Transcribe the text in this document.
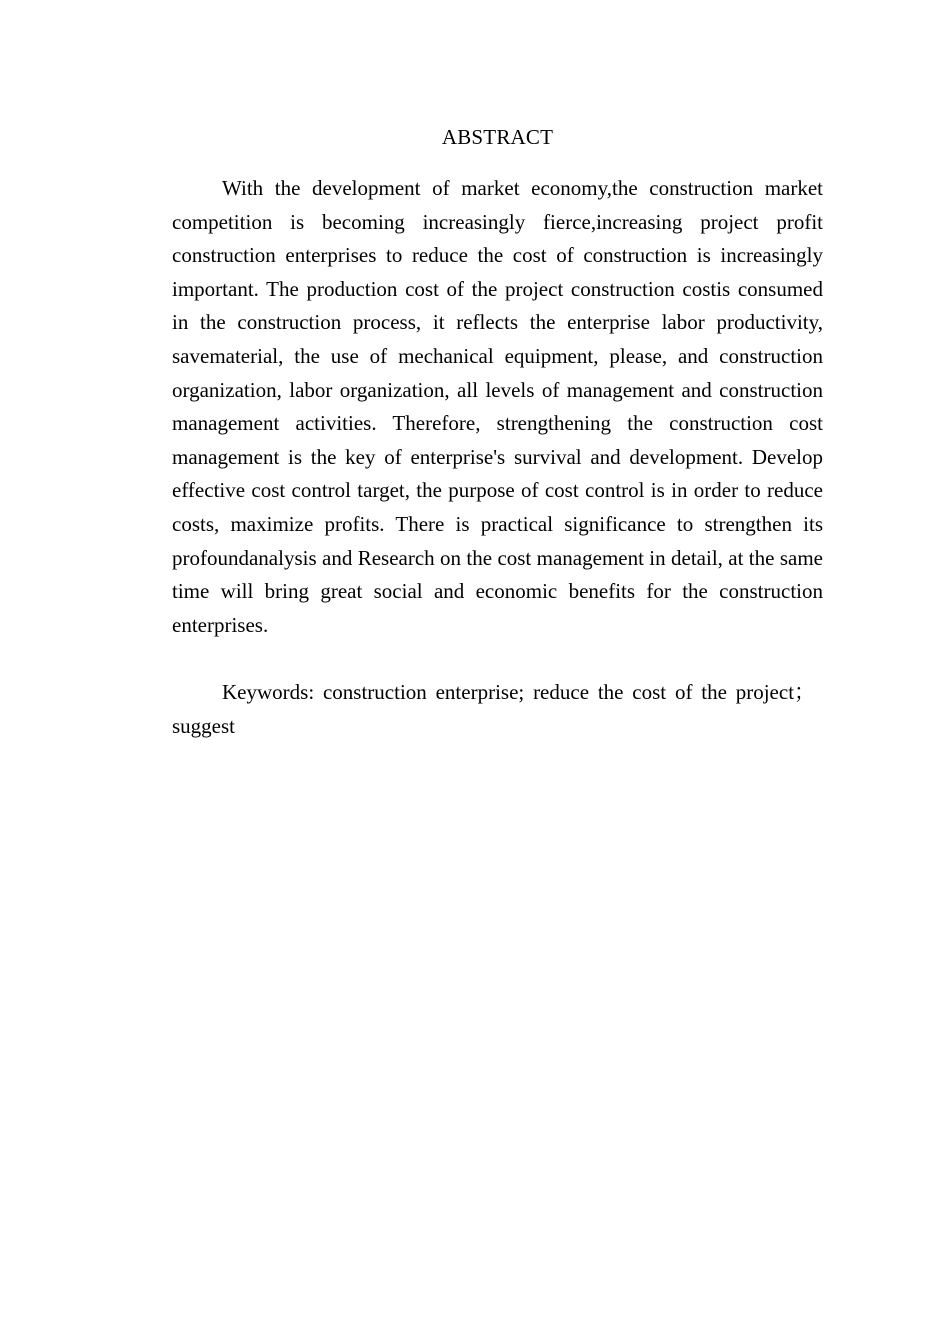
ABSTRACT

With the development of market economy,the construction market competition is becoming increasingly fierce,increasing project profit construction enterprises to reduce the cost of construction is increasingly important. The production cost of the project construction costis consumed in the construction process, it reflects the enterprise labor productivity, savematerial, the use of mechanical equipment, please, and construction organization, labor organization, all levels of management and construction management activities. Therefore, strengthening the construction cost management is the key of enterprise's survival and development. Develop effective cost control target, the purpose of cost control is in order to reduce costs, maximize profits. There is practical significance to strengthen its profoundanalysis and Research on the cost management in detail, at the same time will bring great social and economic benefits for the construction enterprises.

Keywords: construction enterprise; reduce the cost of the project； suggest
